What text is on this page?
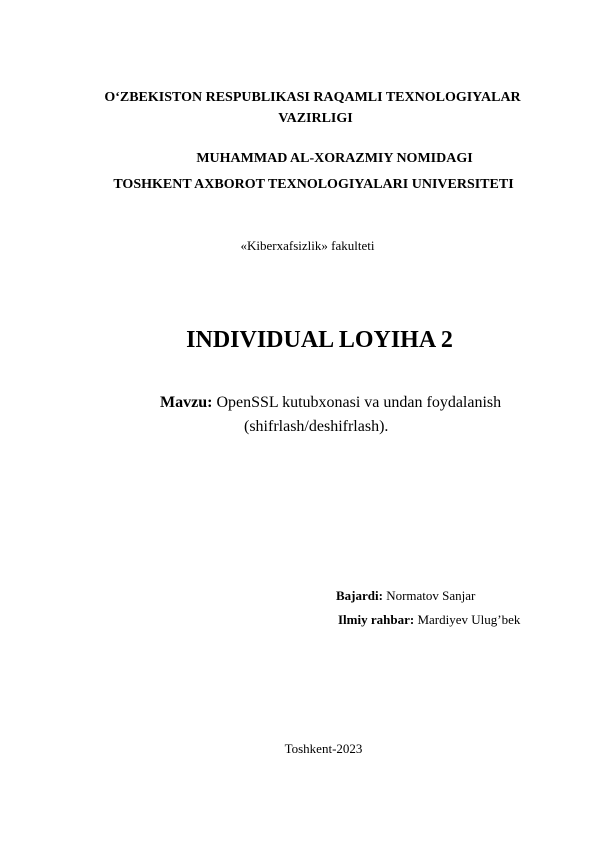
O‘ZBEKISTON RESPUBLIKASI RAQAMLI TEXNOLOGIYALAR
VAZIRLIGI
MUHAMMAD AL-XORAZMIY NOMIDAGI
TOSHKENT AXBOROT TEXNOLOGIYALARI UNIVERSITETI
«Kiberxafsizlik» fakulteti
INDIVIDUAL LOYIHA 2
Mavzu: OpenSSL kutubxonasi va undan foydalanish
(shifrlash/deshifrlash).
Bajardi: Normatov Sanjar
Ilmiy rahbar: Mardiyev Ulug’bek
Toshkent-2023
